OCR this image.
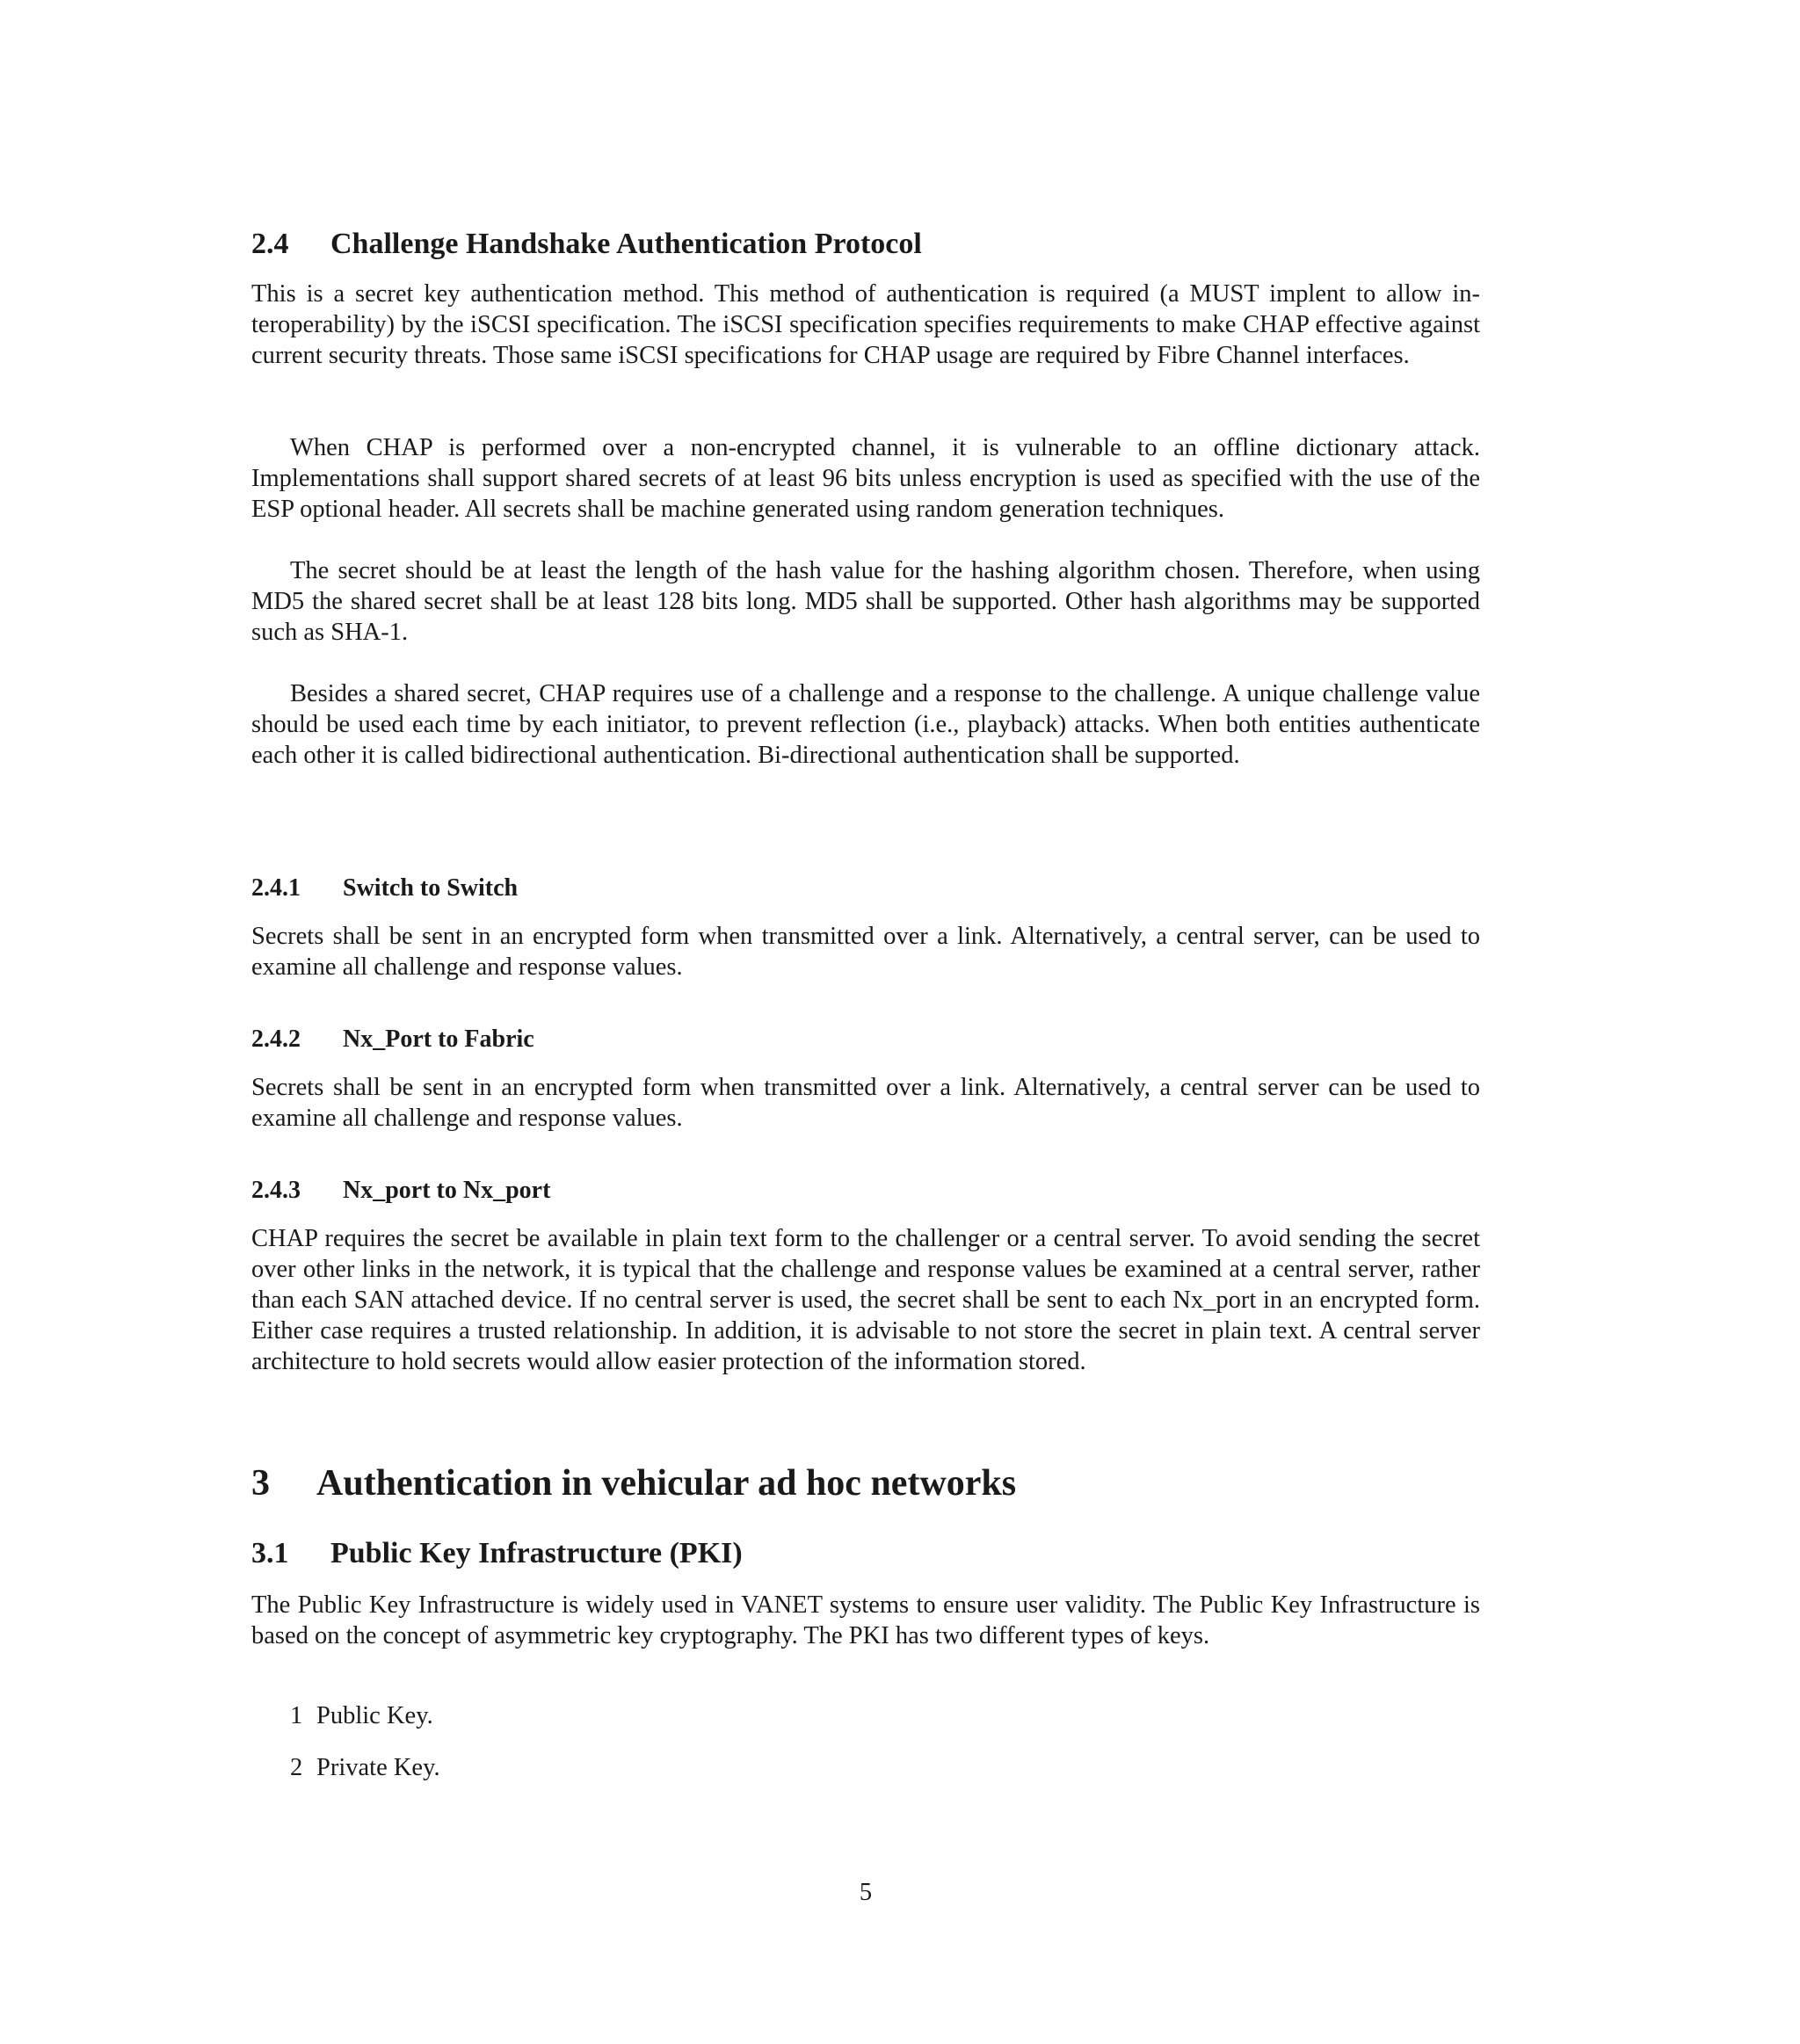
2.4 Challenge Handshake Authentication Protocol

This is a secret key authentication method. This method of authentication is required (a MUST implent to allow in-teroperability) by the iSCSI specification. The iSCSI specification specifies requirements to make CHAP effective against current security threats. Those same iSCSI specifications for CHAP usage are required by Fibre Channel interfaces.

When CHAP is performed over a non-encrypted channel, it is vulnerable to an offline dictionary attack. Implementations shall support shared secrets of at least 96 bits unless encryption is used as specified with the use of the ESP optional header. All secrets shall be machine generated using random generation techniques.

The secret should be at least the length of the hash value for the hashing algorithm chosen. Therefore, when using MD5 the shared secret shall be at least 128 bits long. MD5 shall be supported. Other hash algorithms may be supported such as SHA-1.

Besides a shared secret, CHAP requires use of a challenge and a response to the challenge. A unique challenge value should be used each time by each initiator, to prevent reflection (i.e., playback) attacks. When both entities authenticate each other it is called bidirectional authentication. Bi-directional authentication shall be supported.

2.4.1 Switch to Switch

Secrets shall be sent in an encrypted form when transmitted over a link. Alternatively, a central server, can be used to examine all challenge and response values.

2.4.2 Nx_Port to Fabric

Secrets shall be sent in an encrypted form when transmitted over a link. Alternatively, a central server can be used to examine all challenge and response values.

2.4.3 Nx_port to Nx_port

CHAP requires the secret be available in plain text form to the challenger or a central server. To avoid sending the secret over other links in the network, it is typical that the challenge and response values be examined at a central server, rather than each SAN attached device. If no central server is used, the secret shall be sent to each Nx_port in an encrypted form. Either case requires a trusted relationship. In addition, it is advisable to not store the secret in plain text. A central server architecture to hold secrets would allow easier protection of the information stored.

3 Authentication in vehicular ad hoc networks
3.1 Public Key Infrastructure (PKI)

The Public Key Infrastructure is widely used in VANET systems to ensure user validity. The Public Key Infrastructure is based on the concept of asymmetric key cryptography. The PKI has two different types of keys.

1 Public Key.

2 Private Key.

5
